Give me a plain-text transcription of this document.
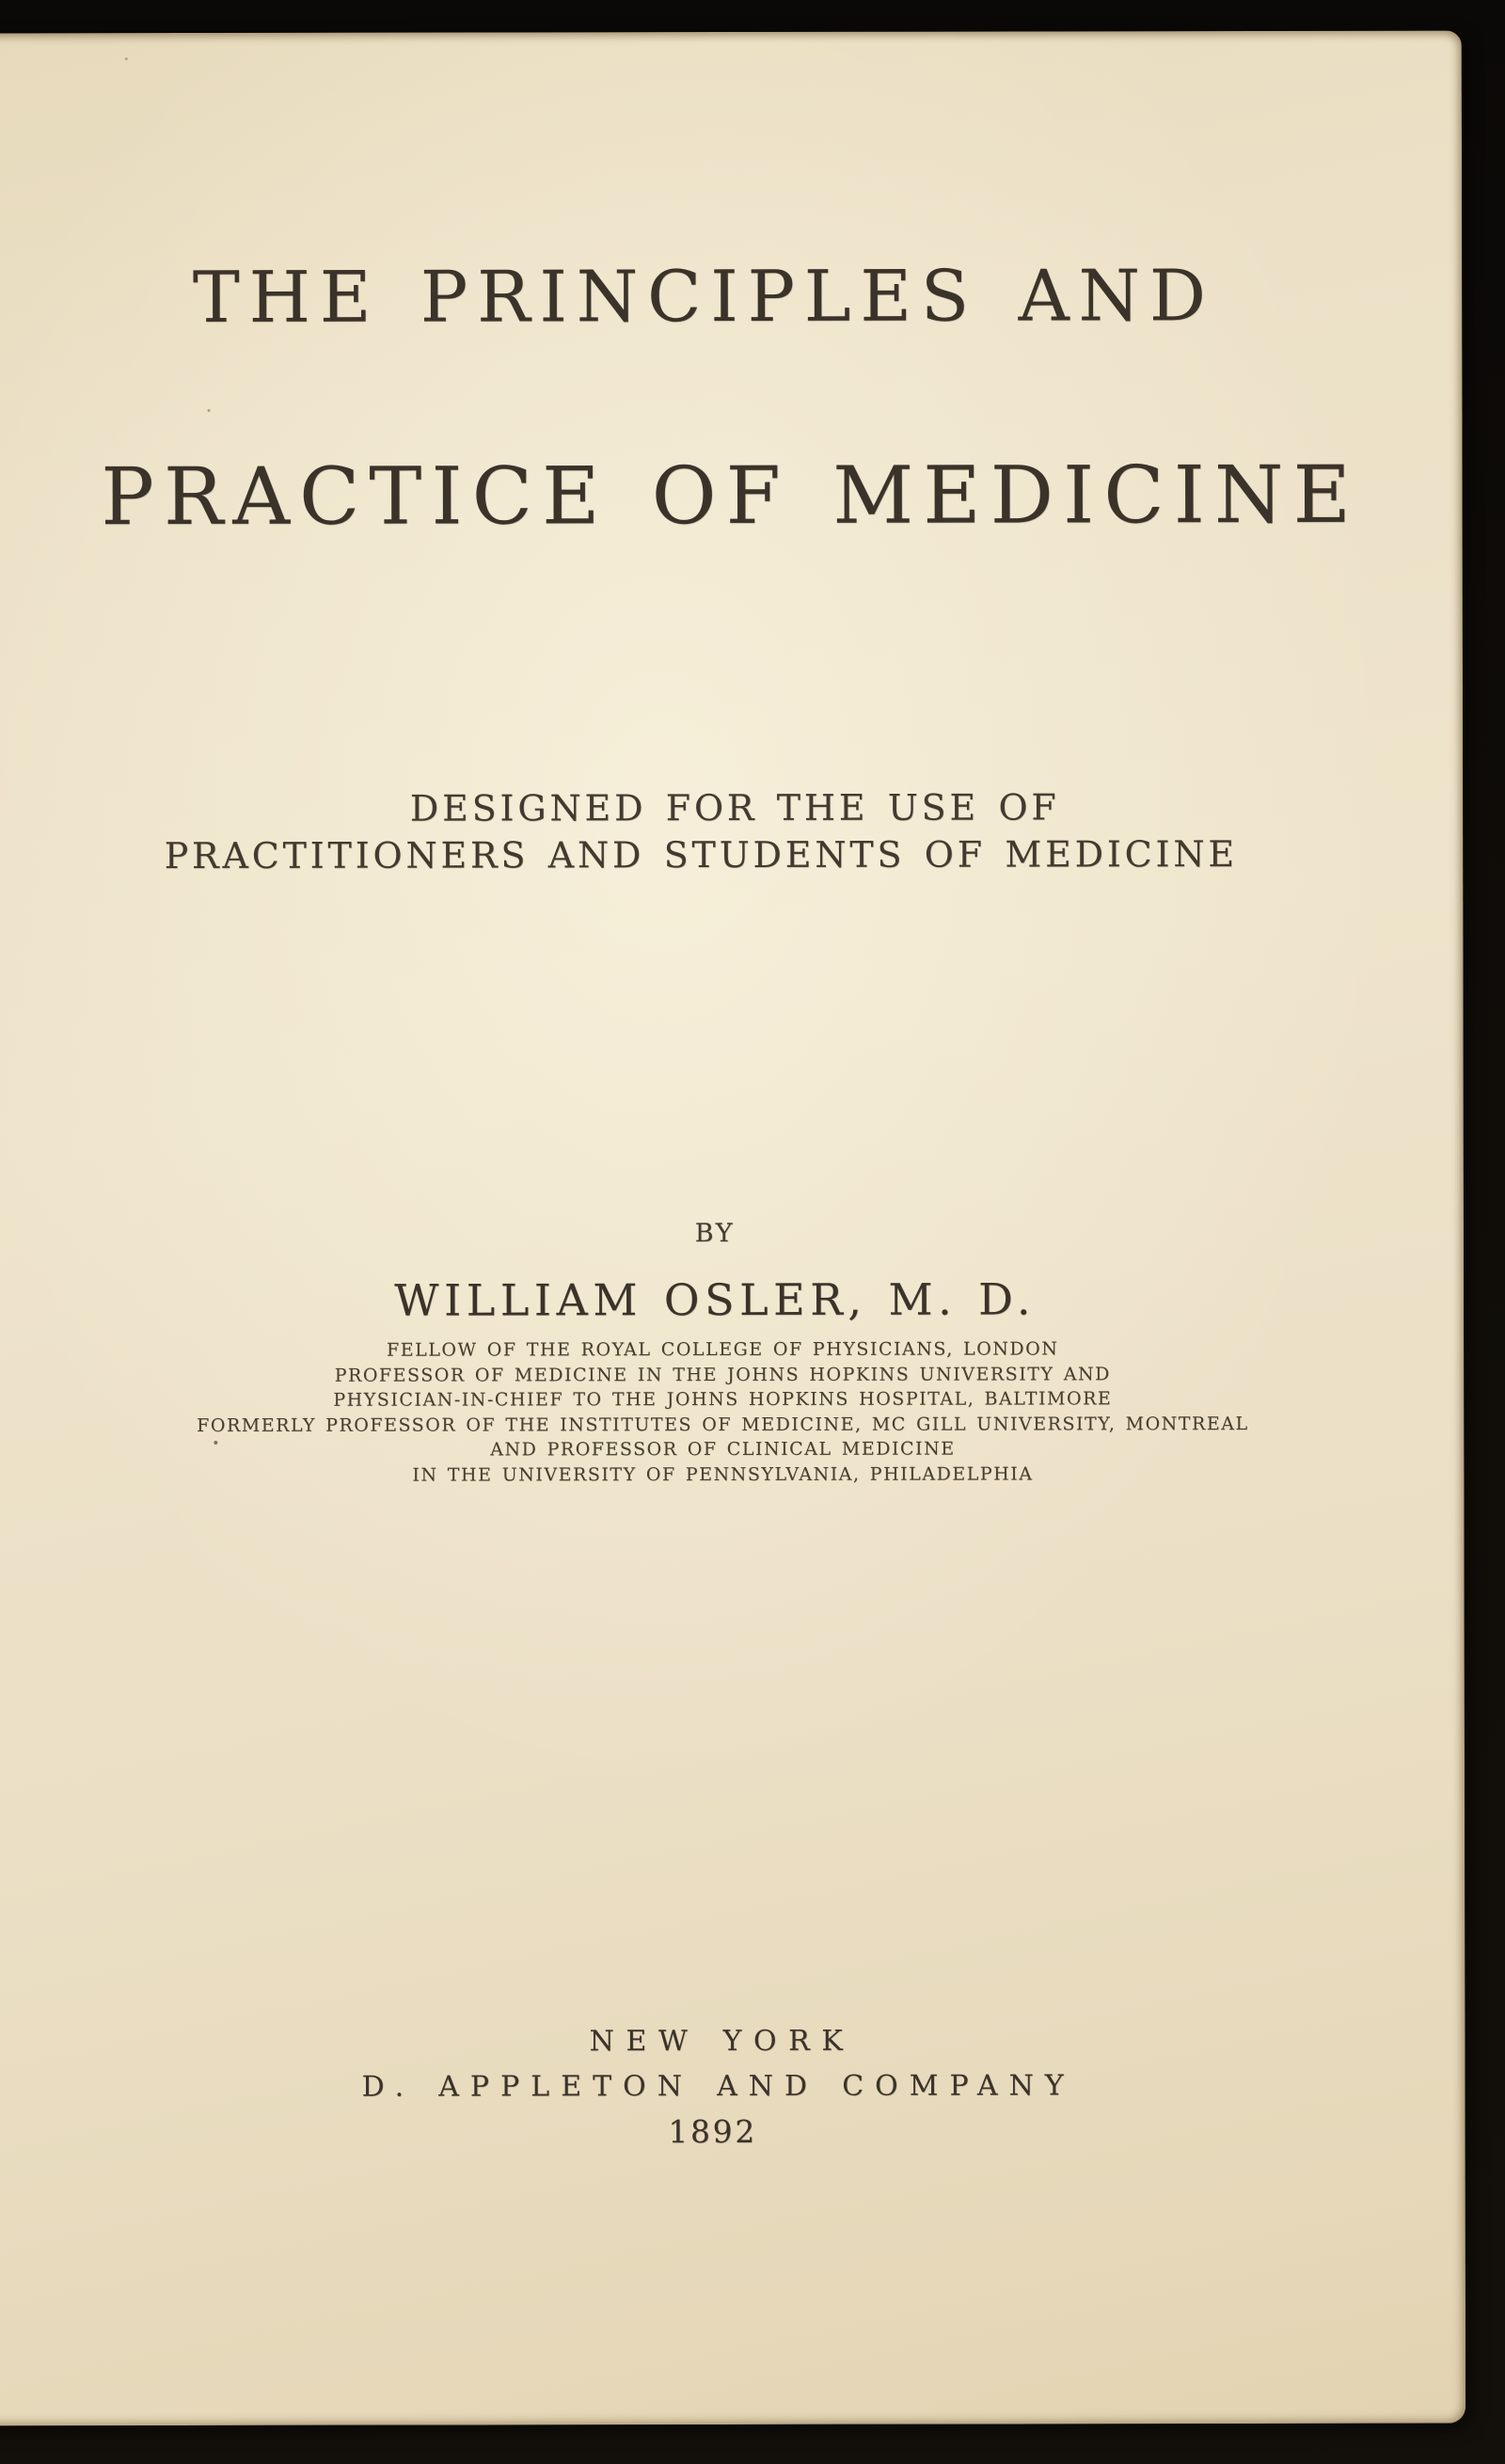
THE PRINCIPLES AND
PRACTICE OF MEDICINE
DESIGNED FOR THE USE OF
PRACTITIONERS AND STUDENTS OF MEDICINE
BY
WILLIAM OSLER, M. D.
FELLOW OF THE ROYAL COLLEGE OF PHYSICIANS, LONDON
PROFESSOR OF MEDICINE IN THE JOHNS HOPKINS UNIVERSITY AND
PHYSICIAN-IN-CHIEF TO THE JOHNS HOPKINS HOSPITAL, BALTIMORE
FORMERLY PROFESSOR OF THE INSTITUTES OF MEDICINE, MC GILL UNIVERSITY, MONTREAL
AND PROFESSOR OF CLINICAL MEDICINE
IN THE UNIVERSITY OF PENNSYLVANIA, PHILADELPHIA
NEW YORK
D. APPLETON AND COMPANY
1892
